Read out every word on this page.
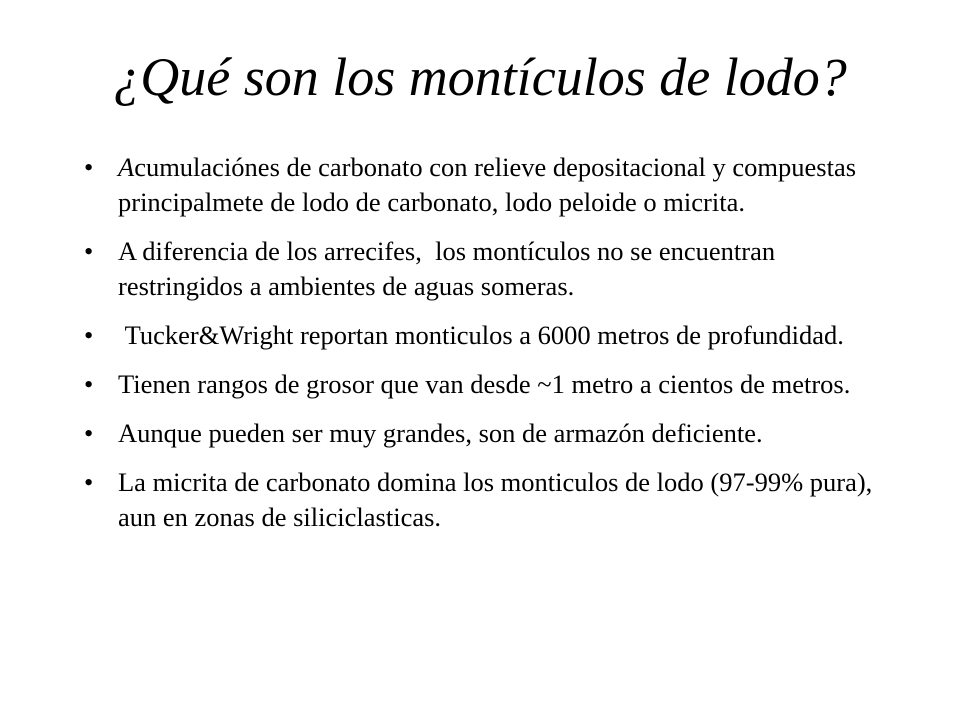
¿Qué son los montículos de lodo?
• Acumulaciónes de carbonato con relieve depositacional y compuestas principalmete de lodo de carbonato, lodo peloide o micrita.
• A diferencia de los arrecifes,  los montículos no se encuentran restringidos a ambientes de aguas someras.
• Tucker&Wright reportan monticulos a 6000 metros de profundidad.
• Tienen rangos de grosor que van desde ~1 metro a cientos de metros.
• Aunque pueden ser muy grandes, son de armazón deficiente.
• La micrita de carbonato domina los monticulos de lodo (97-99% pura), aun en zonas de siliciclasticas.
